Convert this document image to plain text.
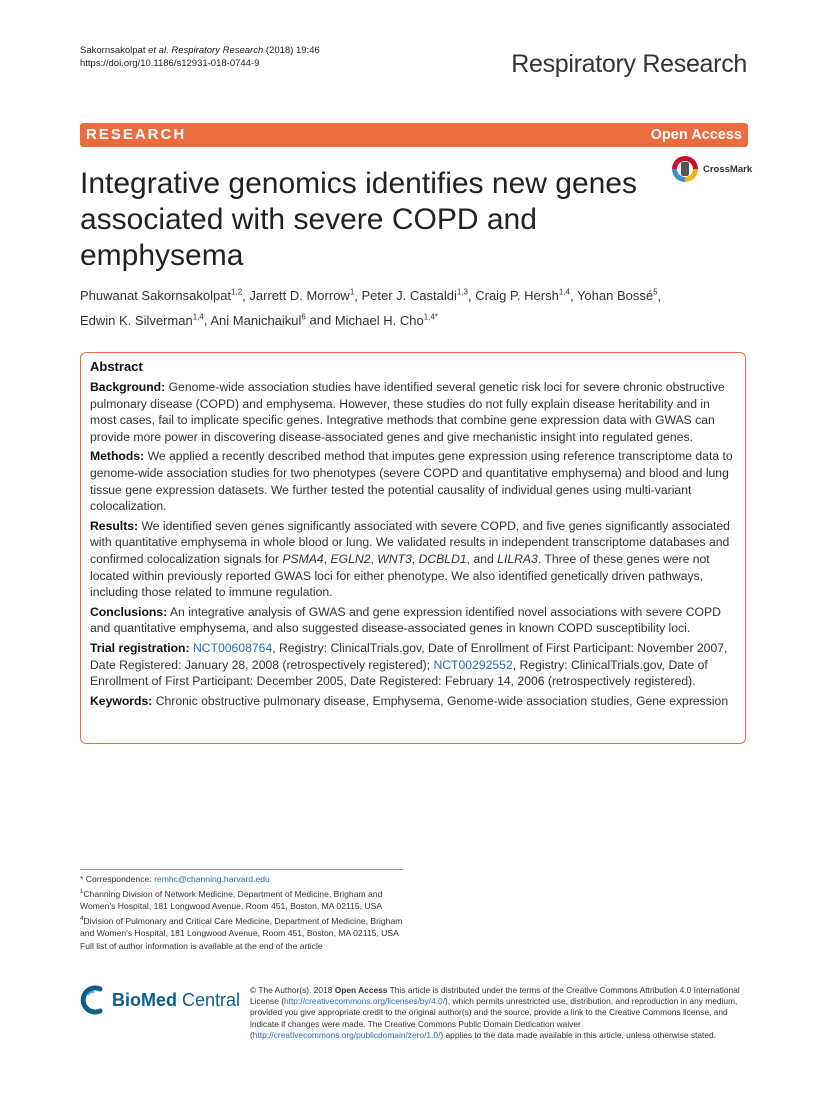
Sakornsakolpat et al. Respiratory Research (2018) 19:46
https://doi.org/10.1186/s12931-018-0744-9	Respiratory Research
RESEARCH	Open Access
CrossMark
Integrative genomics identifies new genes associated with severe COPD and emphysema
Phuwanat Sakornsakolpat$^{1,2}$, Jarrett D. Morrow$^1$, Peter J. Castaldi$^{1,3}$, Craig P. Hersh$^{1,4}$, Yohan Bossé$^5$,
Edwin K. Silverman$^{1,4}$, Ani Manichaikul$^6$ and Michael H. Cho$^{1,4*}$
Abstract

Background: Genome-wide association studies have identified several genetic risk loci for severe chronic obstructive pulmonary disease (COPD) and emphysema. However, these studies do not fully explain disease heritability and in most cases, fail to implicate specific genes. Integrative methods that combine gene expression data with GWAS can provide more power in discovering disease-associated genes and give mechanistic insight into regulated genes.

Methods: We applied a recently described method that imputes gene expression using reference transcriptome data to genome-wide association studies for two phenotypes (severe COPD and quantitative emphysema) and blood and lung tissue gene expression datasets. We further tested the potential causality of individual genes using multi-variant colocalization.

Results: We identified seven genes significantly associated with severe COPD, and five genes significantly associated with quantitative emphysema in whole blood or lung. We validated results in independent transcriptome databases and confirmed colocalization signals for PSMA4, EGLN2, WNT3, DCBLD1, and LILRA3. Three of these genes were not located within previously reported GWAS loci for either phenotype. We also identified genetically driven pathways, including those related to immune regulation.

Conclusions: An integrative analysis of GWAS and gene expression identified novel associations with severe COPD and quantitative emphysema, and also suggested disease-associated genes in known COPD susceptibility loci.

Trial registration: NCT00608764, Registry: ClinicalTrials.gov, Date of Enrollment of First Participant: November 2007, Date Registered: January 28, 2008 (retrospectively registered); NCT00292552, Registry: ClinicalTrials.gov, Date of Enrollment of First Participant: December 2005, Date Registered: February 14, 2006 (retrospectively registered).

Keywords: Chronic obstructive pulmonary disease, Emphysema, Genome-wide association studies, Gene expression

* Correspondence: remhc@channing.harvard.edu

$^1$Channing Division of Network Medicine, Department of Medicine, Brigham and Women's Hospital, 181 Longwood Avenue, Room 451, Boston, MA 02115, USA

$^4$Division of Pulmonary and Critical Care Medicine, Department of Medicine, Brigham and Women's Hospital, 181 Longwood Avenue, Room 451, Boston, MA 02115, USA

Full list of author information is available at the end of the article

BioMed Central © The Author(s). 2018 Open Access This article is distributed under the terms of the Creative Commons Attribution 4.0 International License (http://creativecommons.org/licenses/by/4.0/), which permits unrestricted use, distribution, and reproduction in any medium, provided you give appropriate credit to the original author(s) and the source, provide a link to the Creative Commons license, and indicate if changes were made. The Creative Commons Public Domain Dedication waiver (http://creativecommons.org/publicdomain/zero/1.0/) applies to the data made available in this article, unless otherwise stated.
